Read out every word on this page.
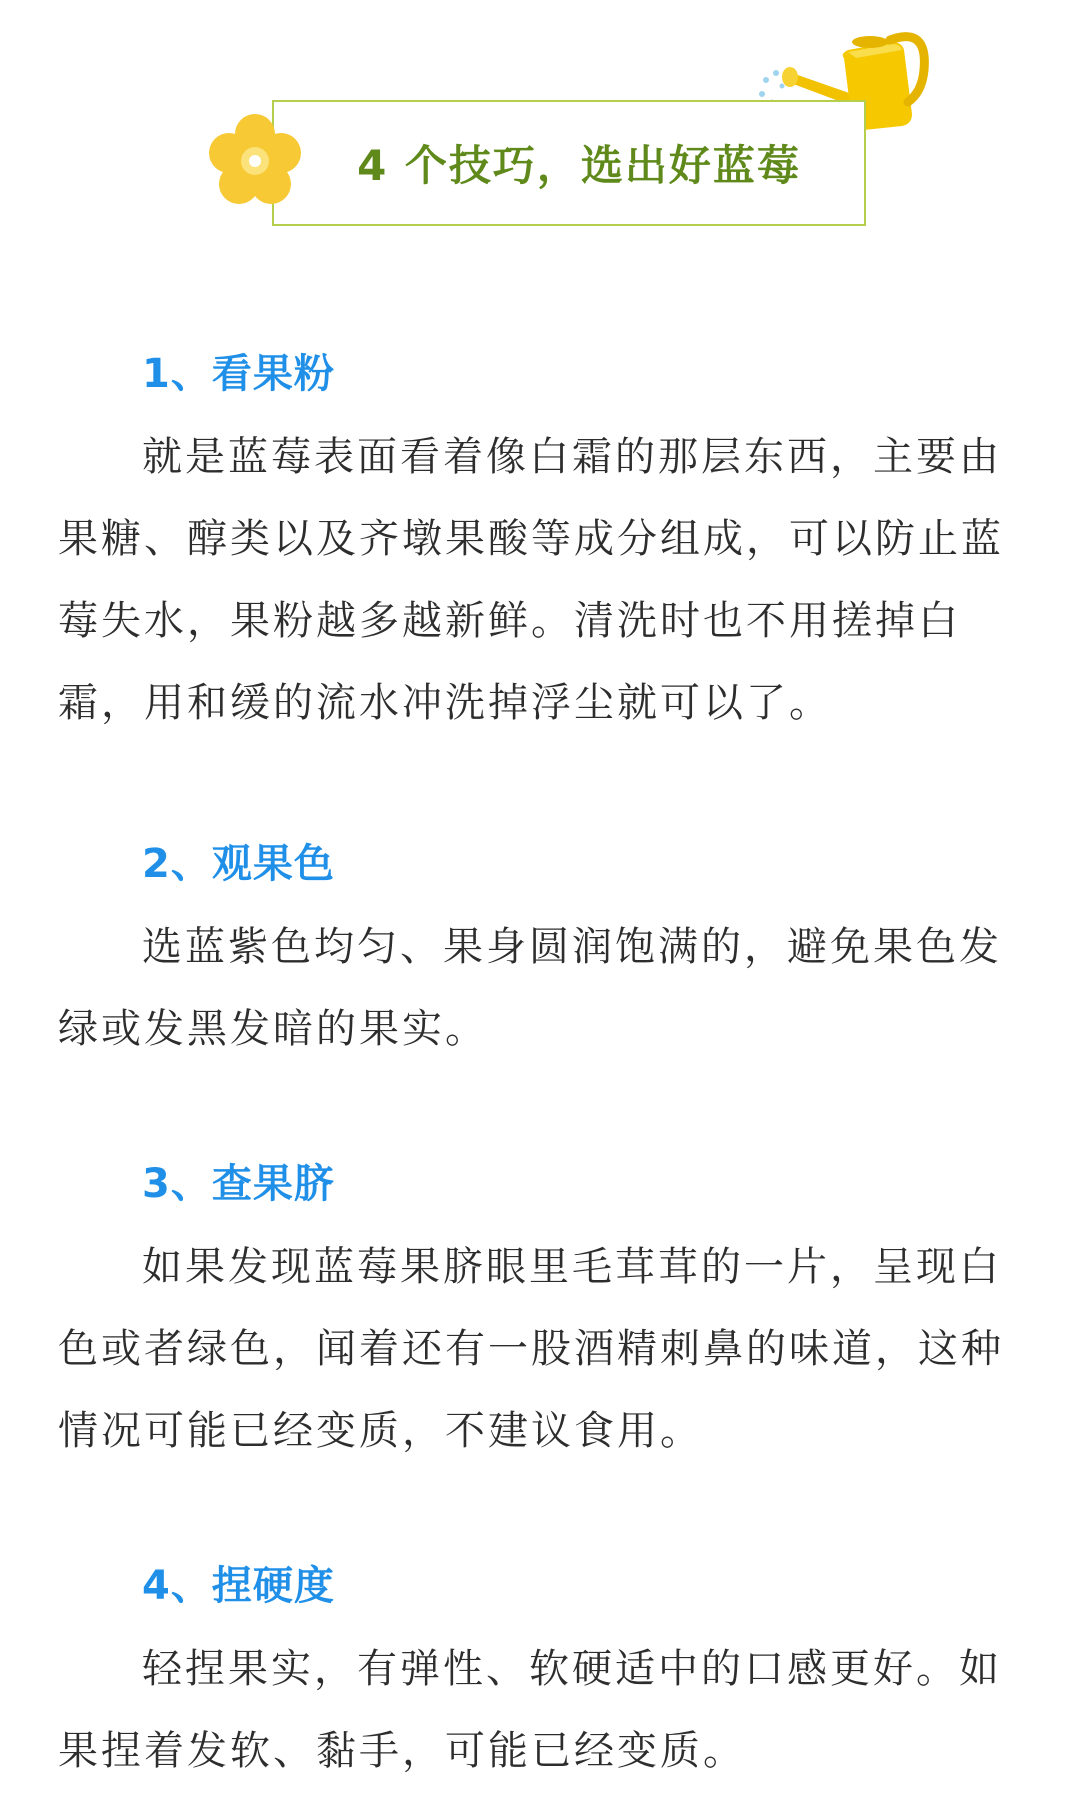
4 个技巧，选出好蓝莓
1、看果粉

就是蓝莓表面看着像白霜的那层东西，主要由果糖、醇类以及齐墩果酸等成分组成，可以防止蓝莓失水，果粉越多越新鲜。清洗时也不用搓掉白霜，用和缓的流水冲洗掉浮尘就可以了。

2、观果色

选蓝紫色均匀、果身圆润饱满的，避免果色发绿或发黑发暗的果实。

3、查果脐

如果发现蓝莓果脐眼里毛茸茸的一片，呈现白色或者绿色，闻着还有一股酒精刺鼻的味道，这种情况可能已经变质，不建议食用。

4、捏硬度

轻捏果实，有弹性、软硬适中的口感更好。如果捏着发软、黏手，可能已经变质。
